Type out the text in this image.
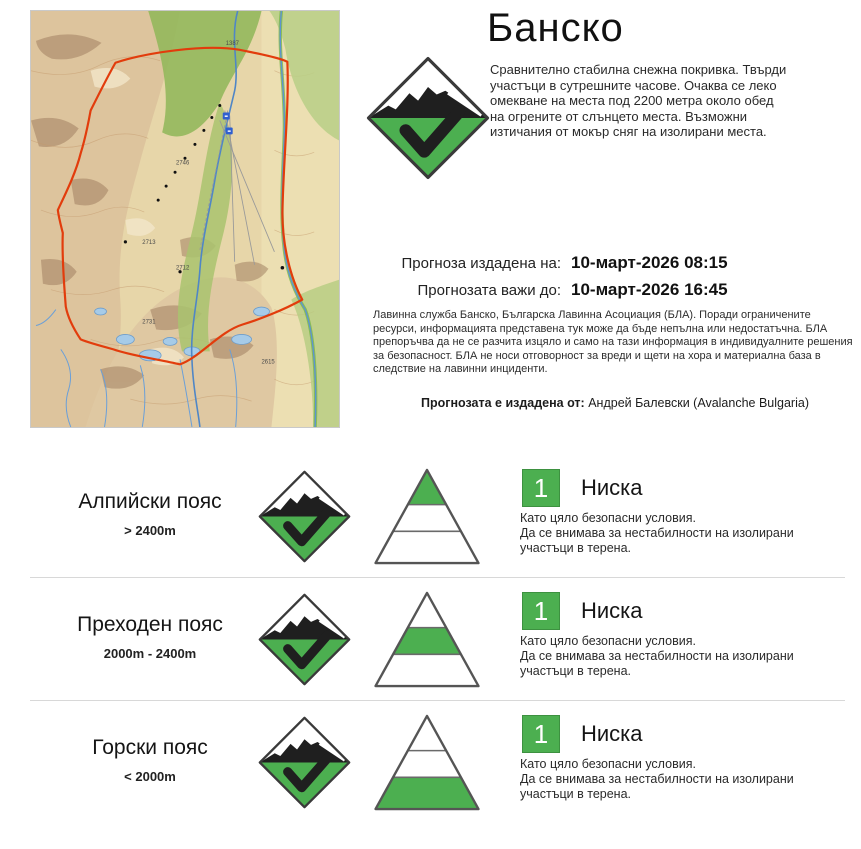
1387
2746
2713
2712
2731
2615
Банско
Сравнително стабилна снежна покривка. Твърди участъци в сутрешните часове. Очаква се леко омекване на места под 2200 метра около обед на огрените от слънцето места. Възможни изтичания от мокър сняг на изолирани места.
Прогноза издадена на: 10-март-2026 08:15
Прогнозата важи до: 10-март-2026 16:45
Лавинна служба Банско, Българска Лавинна Асоциация (БЛА). Поради ограничените ресурси, информацията представена тук може да бъде непълна или недостатъчна. БЛА препоръчва да не се разчита изцяло и само на тази информация в индивидуалните решения за безопасност. БЛА не носи отговорност за вреди и щети на хора и материална база в следствие на лавинни инциденти.
Прогнозата е издадена от: Андрей Балевски (Avalanche Bulgaria)
Алпийски пояс
> 2400m
1	Ниска
Като цяло безопасни условия.
Да се внимава за нестабилности на изолирани участъци в терена.
Преходен пояс
2000m - 2400m
1	Ниска
Като цяло безопасни условия.
Да се внимава за нестабилности на изолирани участъци в терена.
Горски пояс
< 2000m
1	Ниска
Като цяло безопасни условия.
Да се внимава за нестабилности на изолирани участъци в терена.
